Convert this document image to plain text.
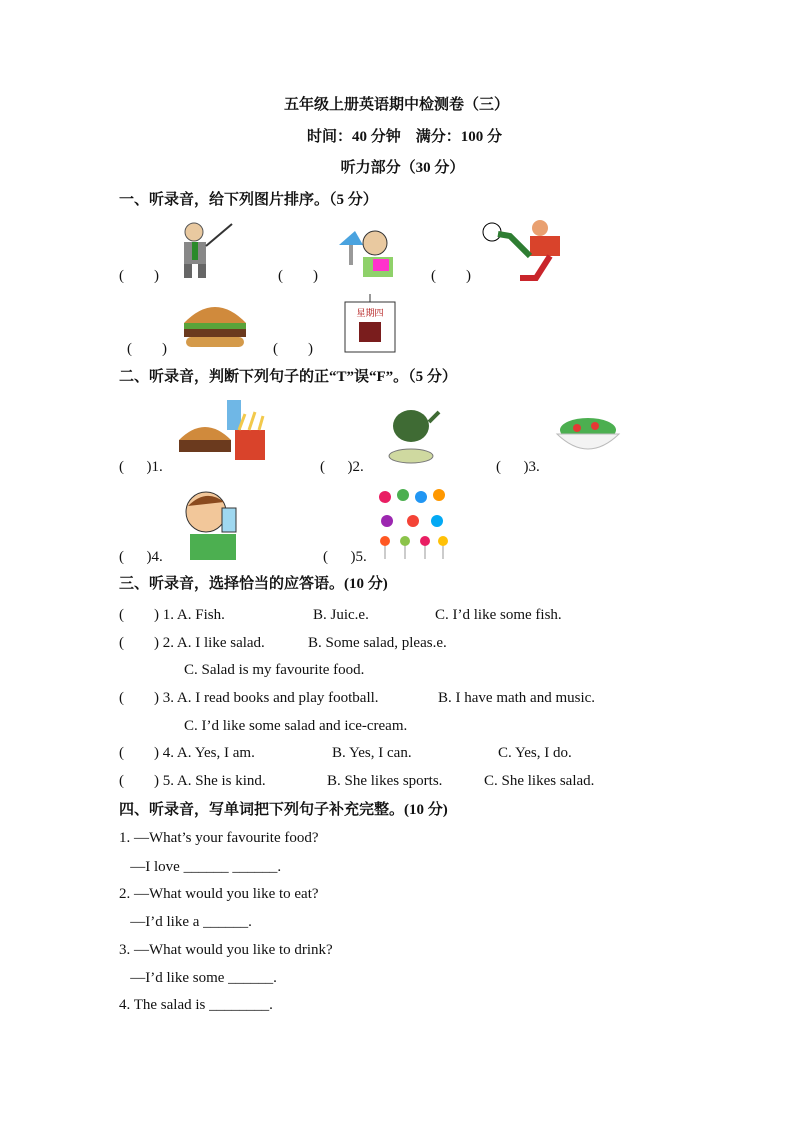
五年级上册英语期中检测卷（三）
时间：40 分钟    满分：100 分
听力部分（30 分）
一、听录音，给下列图片排序。（5 分）
(        )	(        )	(        )
(        )	(        )
星期四
二、听录音，判断下列句子的正“T”误“F”。（5 分）
(      )1.	(      )2.	(      )3.
(      )4.	(      )5.
三、听录音，选择恰当的应答语。(10 分)
(        ) 1. A. Fish.	B. Juic.e.	C. I’d like some fish.
(        ) 2. A. I like salad.	B. Some salad, pleas.e.
C. Salad is my favourite food.
(        ) 3. A. I read books and play football.	B. I have math and music.
C. I’d like some salad and ice-cream.
(        ) 4. A. Yes, I am.	B. Yes, I can.	C. Yes, I do.
(        ) 5. A. She is kind.	B. She likes sports.	C. She likes salad.
四、听录音，写单词把下列句子补充完整。(10 分)
1. —What’s your favourite food?
—I love ______ ______.
2. —What would you like to eat?
—I’d like a ______.
3. —What would you like to drink?
—I’d like some ______.
4. The salad is ________.
